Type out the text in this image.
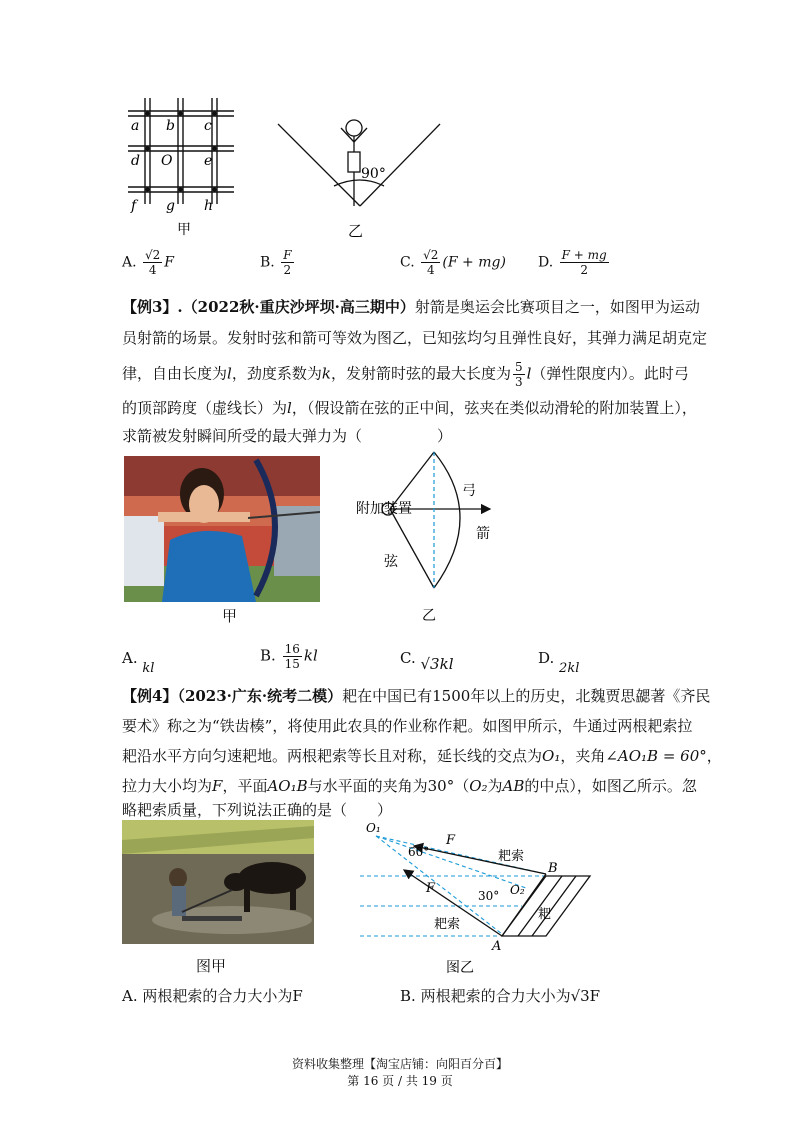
a b c
d O e
f g h
甲
90°
乙
A. $\frac{√2}{4}$ F	B. $\frac{F}{2}$	C. $\frac{√2}{4} (F + mg)$ D. $\frac{F + mg}{2}$
【例3】.（2022秋·重庆沙坪坝·高三期中）射箭是奥运会比赛项目之一，如图甲为运动
员射箭的场景。发射时弦和箭可等效为图乙，已知弦均匀且弹性良好，其弹力满足胡克定
律，自由长度为l，劲度系数为k，发射箭时弦的最大长度为 $\frac{5}{3} l$（弹性限度内）。此时弓
的顶部跨度（虚线长）为l，（假设箭在弦的正中间，弦夹在类似动滑轮的附加装置上），
求箭被发射瞬间所受的最大弹力为（　　　　　）
甲
附加装置
弓
箭
弦
乙
A. kl
B. $\frac{16}{15}$ kl	C. √3kl	D. 2kl
【例4】（2023·广东·统考二模）耙在中国已有1500年以上的历史，北魏贾思勰著《齐民
要术》称之为“铁齿楱”，将使用此农具的作业称作耙。如图甲所示，牛通过两根耙索拉
耙沿水平方向匀速耙地。两根耙索等长且对称，延长线的交点为O₁，夹角∠AO₁B = 60°，
拉力大小均为F，平面AO₁B与水平面的夹角为30°（O₂为AB的中点），如图乙所示。忽
略耙索质量，下列说法正确的是（　　）
图甲
O₁
F
60°	耙索
B
F	30° O₂
耙
耙索
A
图乙
A. 两根耙索的合力大小为F	B. 两根耙索的合力大小为√3F
资料收集整理【淘宝店铺：向阳百分百】
第 16 页 / 共 19 页
